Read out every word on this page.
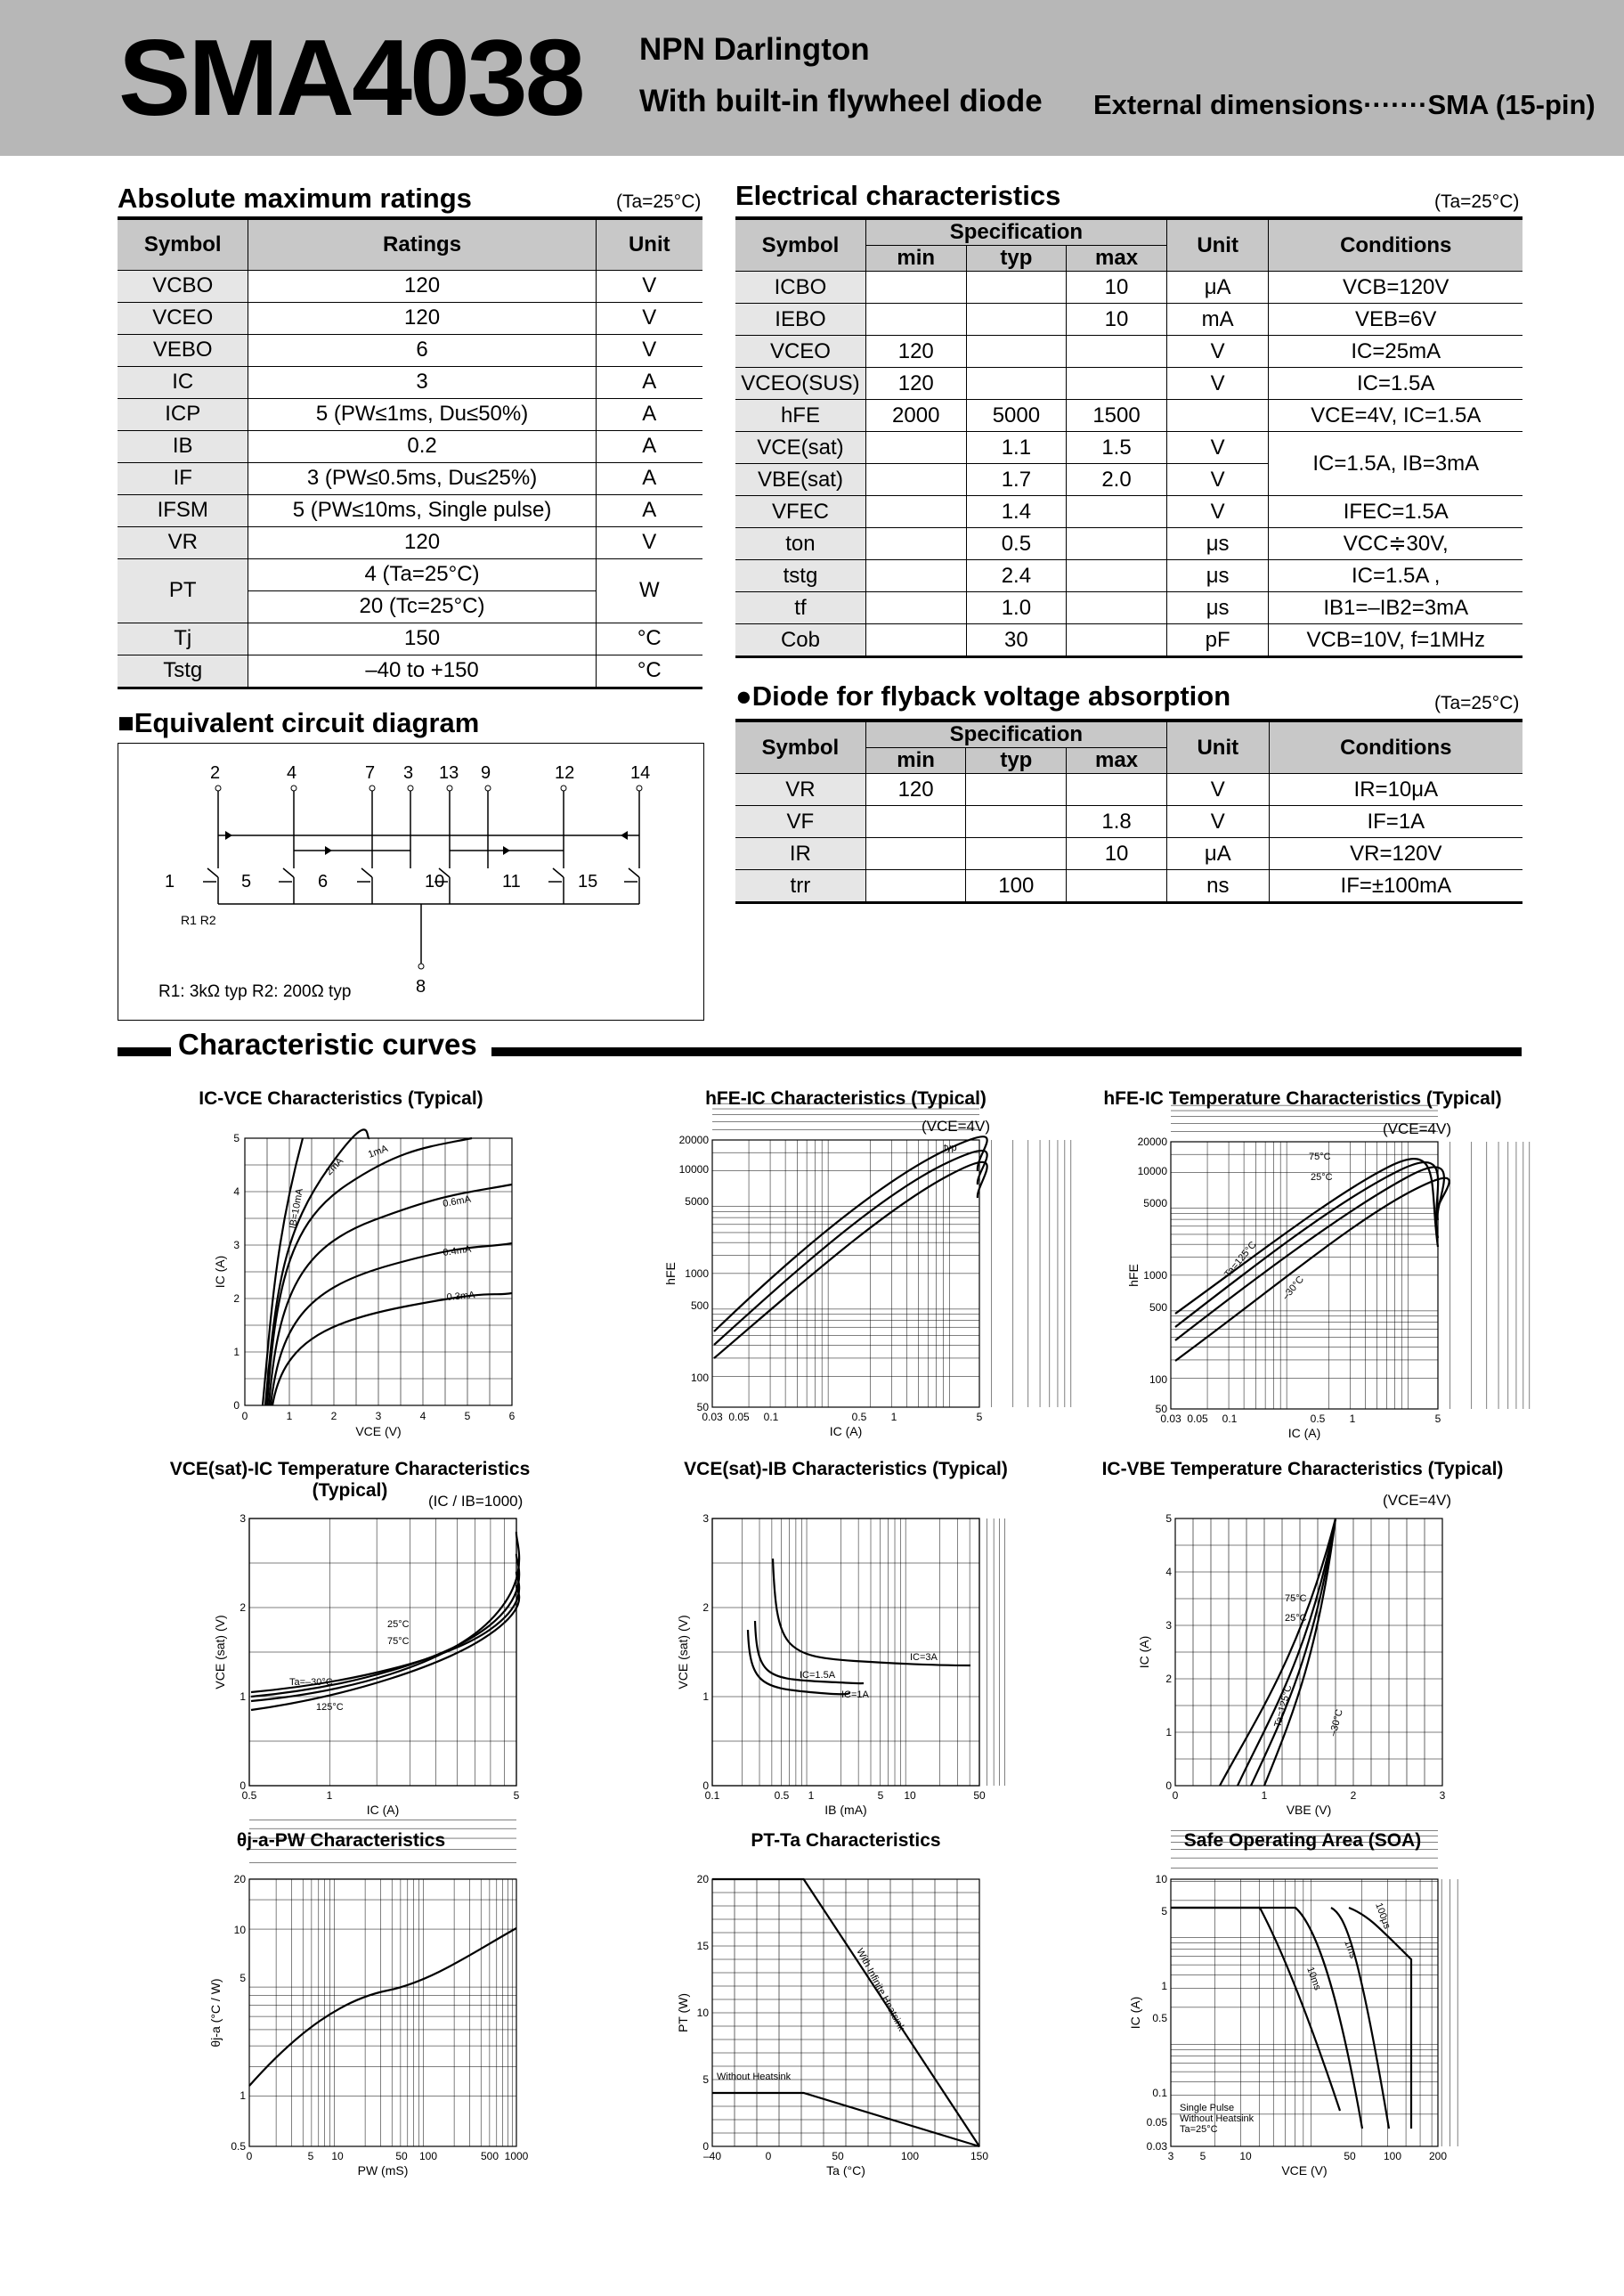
SMA4038 NPN Darlington
With built-in flywheel diode External dimensions·······SMA (15-pin)
Absolute maximum ratings	(Ta=25°C)
Symbol	Ratings	Unit
VCBO	120	V
VCEO	120	V
VEBO	6	V
IC	3	A
ICP	5 (PW≤1ms, Du≤50%)	A
IB	0.2	A
IF	3 (PW≤0.5ms, Du≤25%)	A
IFSM	5 (PW≤10ms, Single pulse)	A
VR	120	V
PT	4 (Ta=25°C)	W
	20 (Tc=25°C)	
Tj	150	°C
Tstg	–40 to +150	°C
Electrical characteristics	(Ta=25°C)
Symbol	Specification			Unit	Conditions
	min	typ	max		
ICBO			10	μA	VCB=120V
IEBO			10	mA	VEB=6V
VCEO	120			V	IC=25mA
VCEO(SUS)	120			V	IC=1.5A
hFE	2000	5000	1500		VCE=4V, IC=1.5A
VCE(sat)		1.1	1.5	V	IC=1.5A, IB=3mA
VBE(sat)		1.7	2.0	V	
VFEC		1.4		V	IFEC=1.5A
ton		0.5		μs	VCC≑30V,
tstg		2.4		μs	IC=1.5A ,
tf		1.0		μs	IB1=–IB2=3mA
Cob		30		pF	VCB=10V, f=1MHz
●Diode for flyback voltage absorption	(Ta=25°C)
Symbol	Specification			Unit	Conditions
	min	typ	max		
VR	120			V	IR=10μA
VF			1.8	V	IF=1A
IR			10	μA	VR=120V
trr		100		ns	IF=±100mA
■Equivalent circuit diagram
2	4	7 3 13 9	12	14
1	5	6	10	11	15
8
R1 R2
R1: 3kΩ typ R2: 200Ω typ
Characteristic curves
IC-VCE Characteristics (Typical)	hFE-IC Characteristics (Typical)	hFE-IC Temperature Characteristics (Typical)
VCE(sat)-IC Temperature Characteristics (Typical)
VCE(sat)-IB Characteristics (Typical)	IC-VBE Temperature Characteristics (Typical)
θj-a-PW Characteristics	PT-Ta Characteristics	Safe Operating Area (SOA)
(VCE=4V)	(VCE=4V)
(IC / IB=1000)	(VCE=4V)
0	1	2	3	4	5	6
0
1
2
3
4
5
VCE (V)
IC (A)
IB=10mA
2mA
1mA
0.6mA
0.4mA
0.3mA
0.03 0.05 0.1	0.5 1	5
50
100
500
1000
5000
10000
20000
IC (A)
hFE
typ
0.03 0.05 0.1	0.5 1	5
50
100
500
1000
5000
10000
20000
IC (A)
hFE
75°C
25°C
Ta=125°C
–30°C
0.5	1	5
0
1
2
3
IC (A)
VCE (sat) (V)	25°C
75°C
Ta=–30°C
125°C
0.1	0.5 1	5 10	50
0
1
2
3
IB (mA)
VCE (sat) (V)	IC=3A
IC=1.5A
IC=1A
0	1	2	3
0
1
2
3
4
5
VBE (V)
IC (A)
75°C
25°C
Ta=125°C	–30°C
0	5 10	50 100	500 1000
0.5
1
5
10
20
PW (mS)
θj-a (°C / W)
–40	0	50	100	150
0
5
10
15
20
Ta (°C)
PT (W)	With Infinite Heatsink
Without Heatsink
3 5	10	50	100	200
0.03
0.05
0.1
0.5
1
5
10
VCE (V)
IC (A)
100μs
1ms
10ms
Single Pulse
Without Heatsink
Ta=25°C
